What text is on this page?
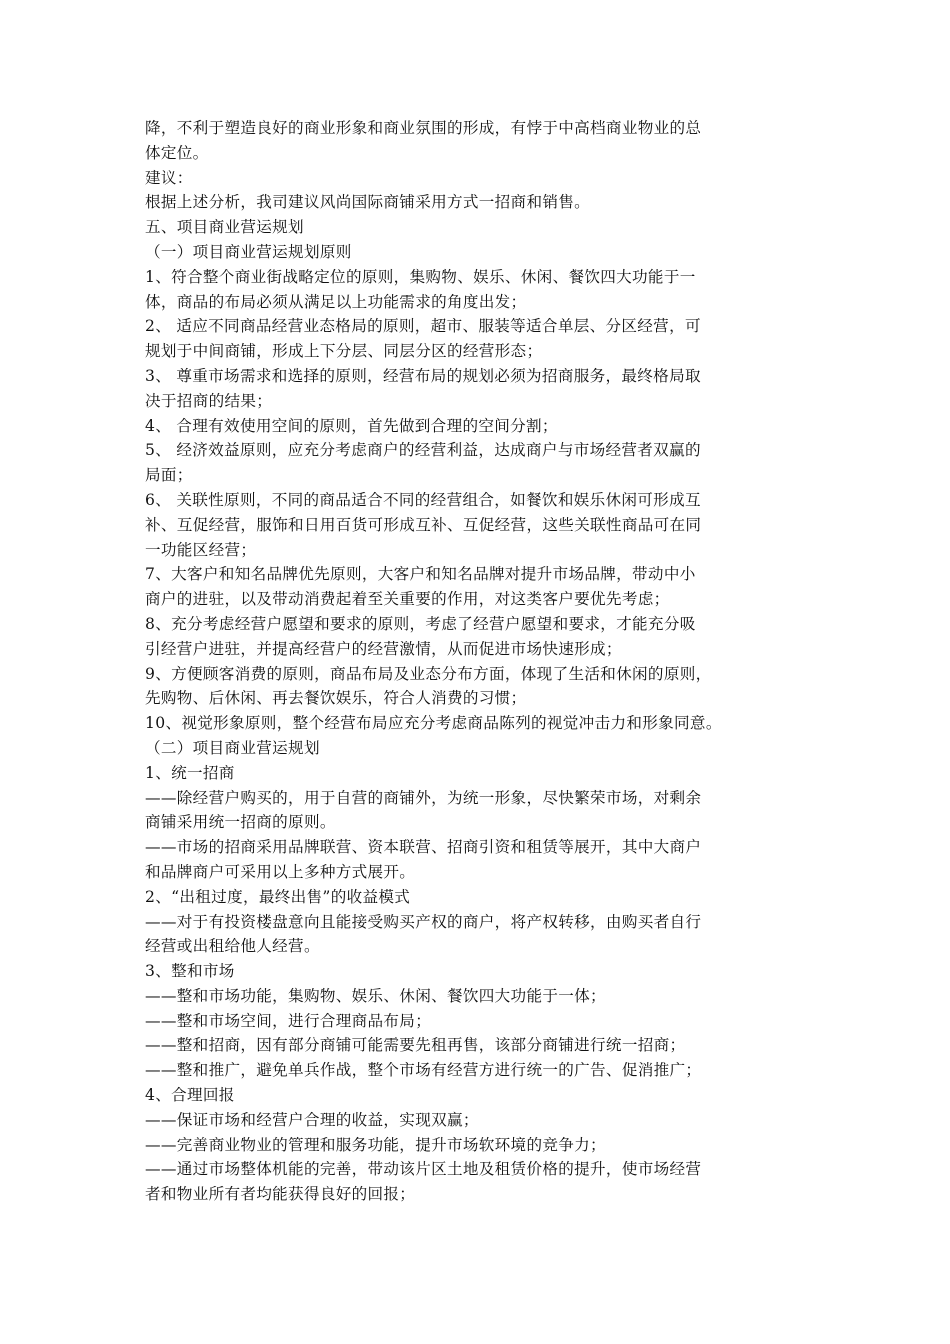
降，不利于塑造良好的商业形象和商业氛围的形成，有悖于中高档商业物业的总
体定位。
建议：
根据上述分析，我司建议风尚国际商铺采用方式一招商和销售。
五、项目商业营运规划
（一）项目商业营运规划原则
1、符合整个商业街战略定位的原则，集购物、娱乐、休闲、餐饮四大功能于一
体，商品的布局必须从满足以上功能需求的角度出发；
2、 适应不同商品经营业态格局的原则，超市、服装等适合单层、分区经营，可
规划于中间商铺，形成上下分层、同层分区的经营形态；
3、 尊重市场需求和选择的原则，经营布局的规划必须为招商服务，最终格局取
决于招商的结果；
4、 合理有效使用空间的原则，首先做到合理的空间分割；
5、 经济效益原则，应充分考虑商户的经营利益，达成商户与市场经营者双赢的
局面；
6、 关联性原则，不同的商品适合不同的经营组合，如餐饮和娱乐休闲可形成互
补、互促经营，服饰和日用百货可形成互补、互促经营，这些关联性商品可在同
一功能区经营；
7、大客户和知名品牌优先原则，大客户和知名品牌对提升市场品牌，带动中小
商户的进驻，以及带动消费起着至关重要的作用，对这类客户要优先考虑；
8、充分考虑经营户愿望和要求的原则，考虑了经营户愿望和要求，才能充分吸
引经营户进驻，并提高经营户的经营激情，从而促进市场快速形成；
9、方便顾客消费的原则，商品布局及业态分布方面，体现了生活和休闲的原则，
先购物、后休闲、再去餐饮娱乐，符合人消费的习惯；
10、视觉形象原则，整个经营布局应充分考虑商品陈列的视觉冲击力和形象同意。
（二）项目商业营运规划
1、统一招商
——除经营户购买的，用于自营的商铺外，为统一形象，尽快繁荣市场，对剩余
商铺采用统一招商的原则。
——市场的招商采用品牌联营、资本联营、招商引资和租赁等展开，其中大商户
和品牌商户可采用以上多种方式展开。
2、“出租过度，最终出售”的收益模式
——对于有投资楼盘意向且能接受购买产权的商户，将产权转移，由购买者自行
经营或出租给他人经营。
3、整和市场
——整和市场功能，集购物、娱乐、休闲、餐饮四大功能于一体；
——整和市场空间，进行合理商品布局；
——整和招商，因有部分商铺可能需要先租再售，该部分商铺进行统一招商；
——整和推广，避免单兵作战，整个市场有经营方进行统一的广告、促消推广；
4、合理回报
——保证市场和经营户合理的收益，实现双赢；
——完善商业物业的管理和服务功能，提升市场软环境的竞争力；
——通过市场整体机能的完善，带动该片区土地及租赁价格的提升，使市场经营
者和物业所有者均能获得良好的回报；
